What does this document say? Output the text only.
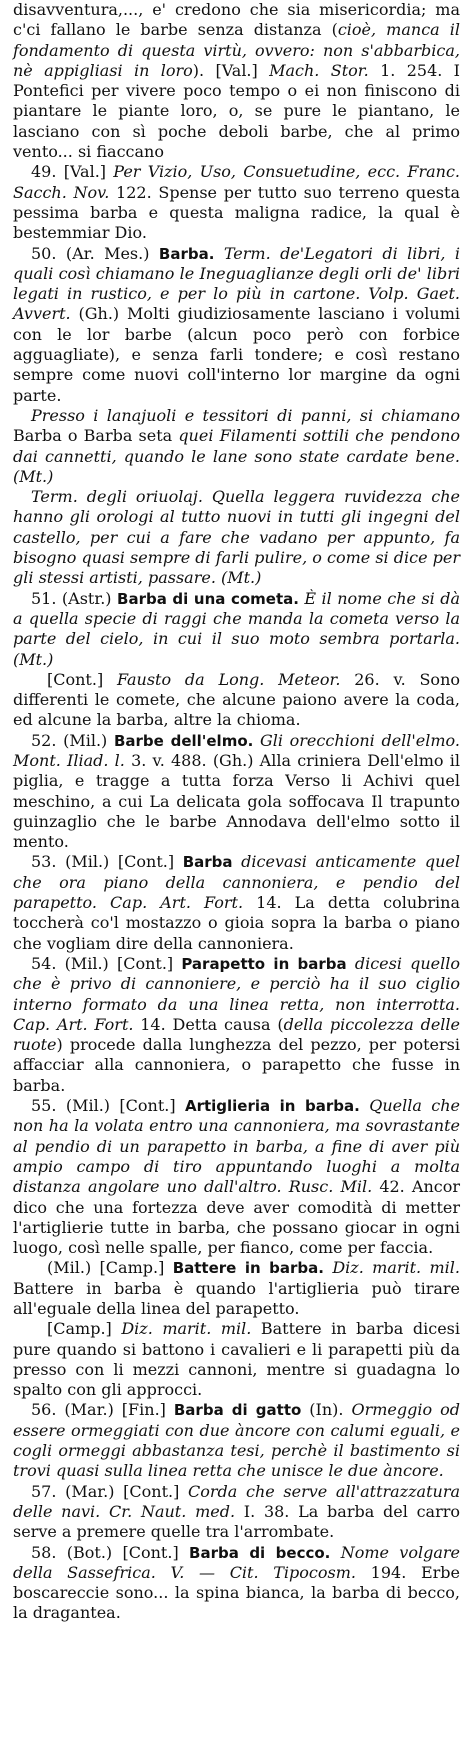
disavventura,..., e' credono che sia misericordia; ma c'ci fallano le barbe senza distanza (cioè, manca il fondamento di questa virtù, ovvero: non s'abbarbica, nè appigliasi in loro). [Val.] Mach. Stor. 1. 254. I Pontefici per vivere poco tempo o ei non finiscono di piantare le piante loro, o, se pure le piantano, le lasciano con sì poche deboli barbe, che al primo vento... si fiaccano

49. [Val.] Per Vizio, Uso, Consuetudine, ecc. Franc. Sacch. Nov. 122. Spense per tutto suo terreno questa pessima barba e questa maligna radice, la qual è bestemmiar Dio.

50. (Ar. Mes.) Barba. Term. de'Legatori di libri, i quali così chiamano le Ineguaglianze degli orli de' libri legati in rustico, e per lo più in cartone. Volp. Gaet. Avvert. (Gh.) Molti giudiziosamente lasciano i volumi con le lor barbe (alcun poco però con forbice agguagliate), e senza farli tondere; e così restano sempre come nuovi coll'interno lor margine da ogni parte.

Presso i lanajuoli e tessitori di panni, si chiamano Barba o Barba seta quei Filamenti sottili che pendono dai cannetti, quando le lane sono state cardate bene. (Mt.)

Term. degli oriuolaj. Quella leggera ruvidezza che hanno gli orologi al tutto nuovi in tutti gli ingegni del castello, per cui a fare che vadano per appunto, fa bisogno quasi sempre di farli pulire, o come si dice per gli stessi artisti, passare. (Mt.)

51. (Astr.) Barba di una cometa. È il nome che si dà a quella specie di raggi che manda la cometa verso la parte del cielo, in cui il suo moto sembra portarla. (Mt.)

[Cont.] Fausto da Long. Meteor. 26. v. Sono differenti le comete, che alcune paiono avere la coda, ed alcune la barba, altre la chioma.

52. (Mil.) Barbe dell'elmo. Gli orecchioni dell'elmo. Mont. Iliad. l. 3. v. 488. (Gh.) Alla criniera Dell'elmo il piglia, e tragge a tutta forza Verso li Achivi quel meschino, a cui La delicata gola soffocava Il trapunto guinzaglio che le barbe Annodava dell'elmo sotto il mento.

53. (Mil.) [Cont.] Barba dicevasi anticamente quel che ora piano della cannoniera, e pendio del parapetto. Cap. Art. Fort. 14. La detta colubrina toccherà co'l mostazzo o gioia sopra la barba o piano che vogliam dire della cannoniera.

54. (Mil.) [Cont.] Parapetto in barba dicesi quello che è privo di cannoniere, e perciò ha il suo ciglio interno formato da una linea retta, non interrotta. Cap. Art. Fort. 14. Detta causa (della piccolezza delle ruote) procede dalla lunghezza del pezzo, per potersi affacciar alla cannoniera, o parapetto che fusse in barba.

55. (Mil.) [Cont.] Artiglieria in barba. Quella che non ha la volata entro una cannoniera, ma sovrastante al pendio di un parapetto in barba, a fine di aver più ampio campo di tiro appuntando luoghi a molta distanza angolare uno dall'altro. Rusc. Mil. 42. Ancor dico che una fortezza deve aver comodità di metter l'artiglierie tutte in barba, che possano giocar in ogni luogo, così nelle spalle, per fianco, come per faccia.

(Mil.) [Camp.] Battere in barba. Diz. marit. mil. Battere in barba è quando l'artiglieria può tirare all'eguale della linea del parapetto.

[Camp.] Diz. marit. mil. Battere in barba dicesi pure quando si battono i cavalieri e li parapetti più da presso con li mezzi cannoni, mentre si guadagna lo spalto con gli approcci.

56. (Mar.) [Fin.] Barba di gatto (In). Ormeggio od essere ormeggiati con due àncore con calumi eguali, e cogli ormeggi abbastanza tesi, perchè il bastimento si trovi quasi sulla linea retta che unisce le due àncore.

57. (Mar.) [Cont.] Corda che serve all'attrazzatura delle navi. Cr. Naut. med. I. 38. La barba del carro serve a premere quelle tra l'arrombate.

58. (Bot.) [Cont.] Barba di becco. Nome volgare della Sassefrica. V. — Cit. Tipocosm. 194. Erbe boscareccie sono... la spina bianca, la barba di becco, la dragantea.
